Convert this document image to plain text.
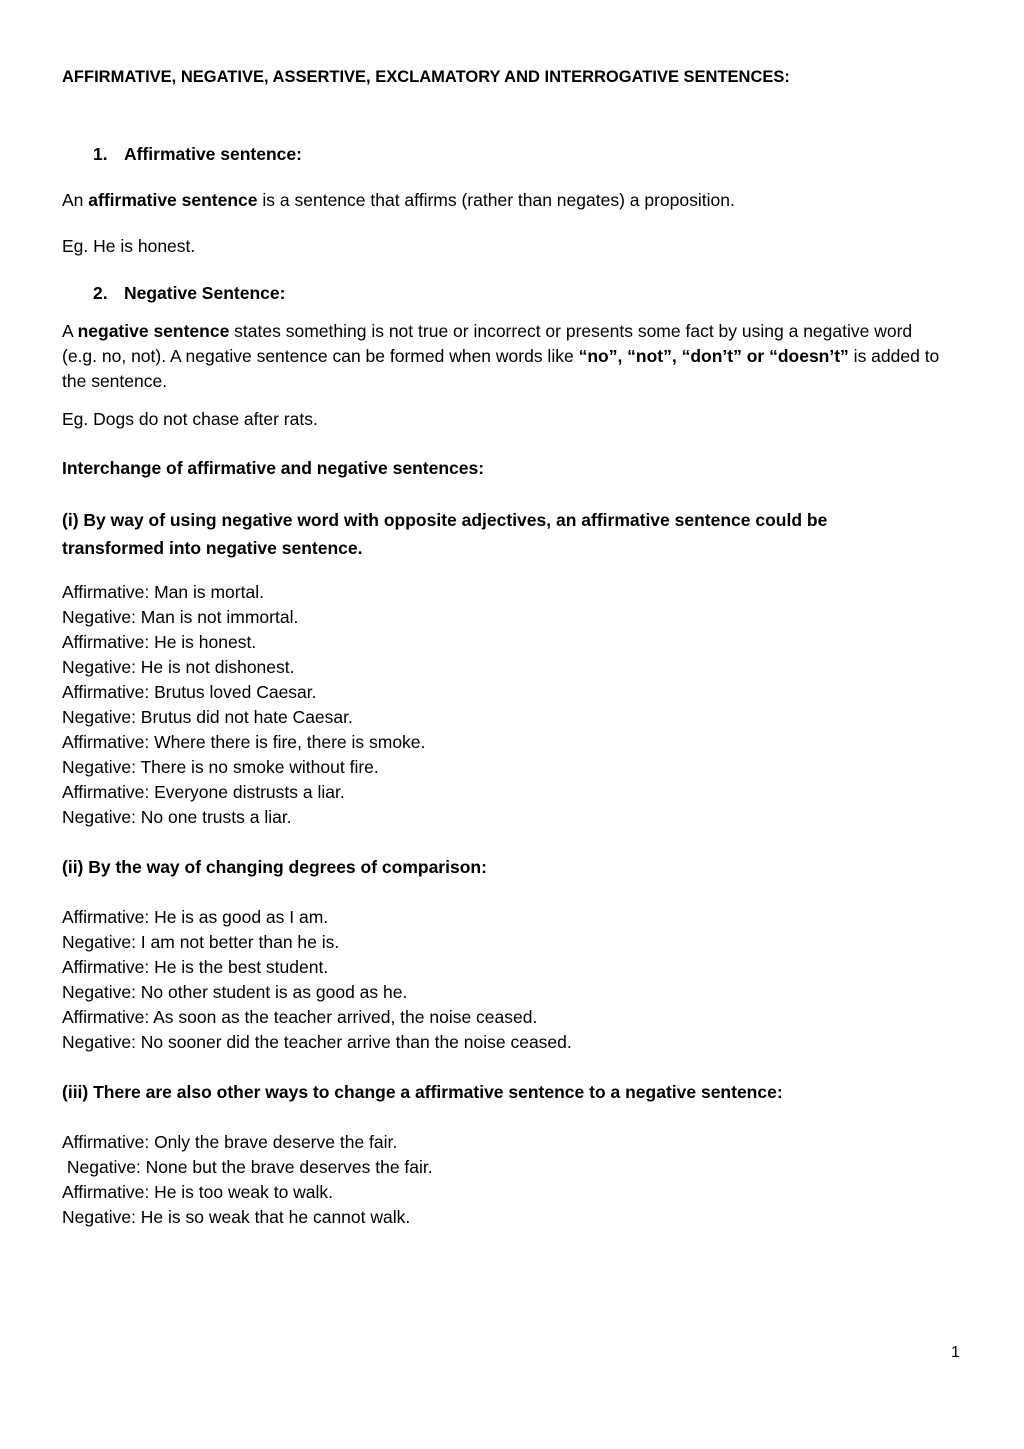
AFFIRMATIVE, NEGATIVE, ASSERTIVE, EXCLAMATORY AND INTERROGATIVE SENTENCES:

1. Affirmative sentence:

An affirmative sentence is a sentence that affirms (rather than negates) a proposition.

Eg. He is honest.

2. Negative Sentence:

A negative sentence states something is not true or incorrect or presents some fact by using a negative word (e.g. no, not). A negative sentence can be formed when words like “no”, “not”, “don’t” or “doesn’t” is added to the sentence.

Eg. Dogs do not chase after rats.

Interchange of affirmative and negative sentences:

(i) By way of using negative word with opposite adjectives, an affirmative sentence could be transformed into negative sentence.

Affirmative: Man is mortal.
Negative: Man is not immortal.
Affirmative: He is honest.
Negative: He is not dishonest.
Affirmative: Brutus loved Caesar.
Negative: Brutus did not hate Caesar.
Affirmative: Where there is fire, there is smoke.
Negative: There is no smoke without fire.
Affirmative: Everyone distrusts a liar.
Negative: No one trusts a liar.

(ii) By the way of changing degrees of comparison:

Affirmative: He is as good as I am.
Negative: I am not better than he is.
Affirmative: He is the best student.
Negative: No other student is as good as he.
Affirmative: As soon as the teacher arrived, the noise ceased.
Negative: No sooner did the teacher arrive than the noise ceased.

(iii) There are also other ways to change a affirmative sentence to a negative sentence:

Affirmative: Only the brave deserve the fair.
Negative: None but the brave deserves the fair.
Affirmative: He is too weak to walk.
Negative: He is so weak that he cannot walk.
1
